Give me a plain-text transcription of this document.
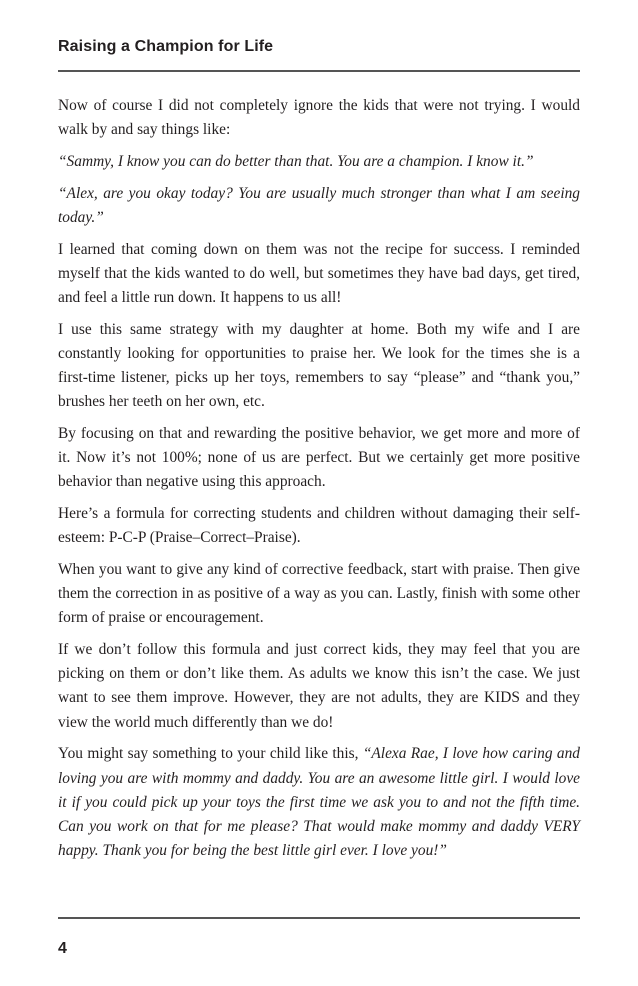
Raising a Champion for Life

Now of course I did not completely ignore the kids that were not trying. I would walk by and say things like:

“Sammy, I know you can do better than that. You are a champion. I know it.”

“Alex, are you okay today? You are usually much stronger than what I am seeing today.”

I learned that coming down on them was not the recipe for success. I reminded myself that the kids wanted to do well, but sometimes they have bad days, get tired, and feel a little run down. It happens to us all!

I use this same strategy with my daughter at home. Both my wife and I are constantly looking for opportunities to praise her. We look for the times she is a first-time listener, picks up her toys, remembers to say “please” and “thank you,” brushes her teeth on her own, etc.

By focusing on that and rewarding the positive behavior, we get more and more of it. Now it’s not 100%; none of us are perfect. But we certainly get more positive behavior than negative using this approach.

Here’s a formula for correcting students and children without damaging their self-esteem: P-C-P (Praise–Correct–Praise).

When you want to give any kind of corrective feedback, start with praise. Then give them the correction in as positive of a way as you can. Lastly, finish with some other form of praise or encouragement.

If we don’t follow this formula and just correct kids, they may feel that you are picking on them or don’t like them. As adults we know this isn’t the case. We just want to see them improve. However, they are not adults, they are KIDS and they view the world much differently than we do!

You might say something to your child like this, “Alexa Rae, I love how caring and loving you are with mommy and daddy. You are an awesome little girl. I would love it if you could pick up your toys the first time we ask you to and not the fifth time. Can you work on that for me please? That would make mommy and daddy VERY happy. Thank you for being the best little girl ever. I love you!”

4
